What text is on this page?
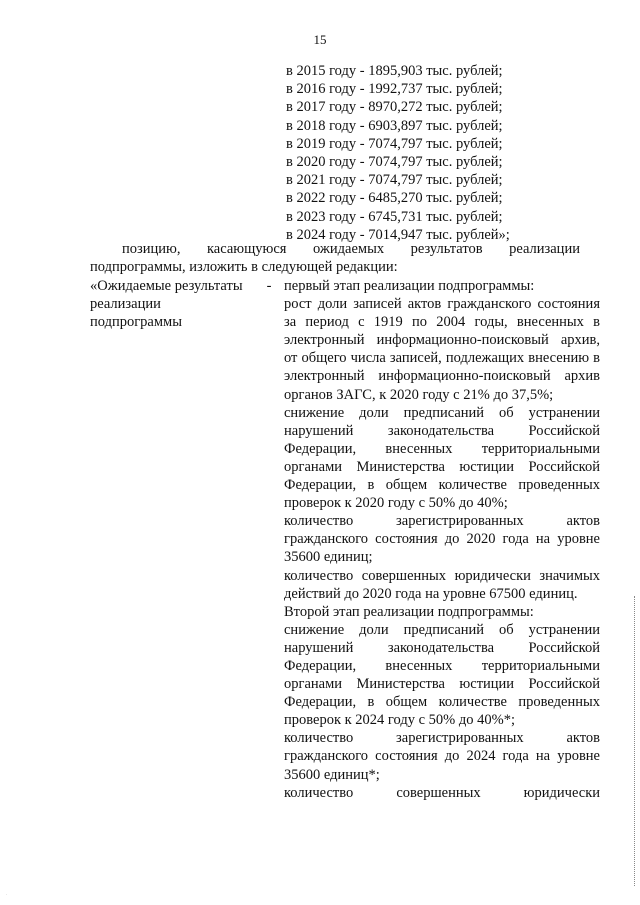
15
в 2015 году - 1895,903 тыс. рублей;
в 2016 году - 1992,737 тыс. рублей;
в 2017 году - 8970,272 тыс. рублей;
в 2018 году - 6903,897 тыс. рублей;
в 2019 году - 7074,797 тыс. рублей;
в 2020 году - 7074,797 тыс. рублей;
в 2021 году - 7074,797 тыс. рублей;
в 2022 году - 6485,270 тыс. рублей;
в 2023 году - 6745,731 тыс. рублей;
в 2024 году - 7014,947 тыс. рублей»;
позицию, касающуюся ожидаемых результатов реализации
подпрограммы, изложить в следующей редакции:
«Ожидаемые результаты
реализации
подпрограммы
- первый этап реализации подпрограммы:

рост доли записей актов гражданского состояния за период с 1919 по 2004 годы, внесенных в электронный информационно-поисковый архив, от общего числа записей, подлежащих внесению в электронный информационно-поисковый архив органов ЗАГС, к 2020 году с 21% до 37,5%;

снижение доли предписаний об устранении нарушений законодательства Российской Федерации, внесенных территориальными органами Министерства юстиции Российской Федерации, в общем количестве проведенных проверок к 2020 году с 50% до 40%;

количество зарегистрированных актов гражданского состояния до 2020 года на уровне 35600 единиц;

количество совершенных юридически значимых действий до 2020 года на уровне 67500 единиц.

Второй этап реализации подпрограммы:

снижение доли предписаний об устранении нарушений законодательства Российской Федерации, внесенных территориальными органами Министерства юстиции Российской Федерации, в общем количестве проведенных проверок к 2024 году с 50% до 40%*;

количество зарегистрированных актов гражданского состояния до 2024 года на уровне 35600 единиц*;

количество совершенных юридически

.
